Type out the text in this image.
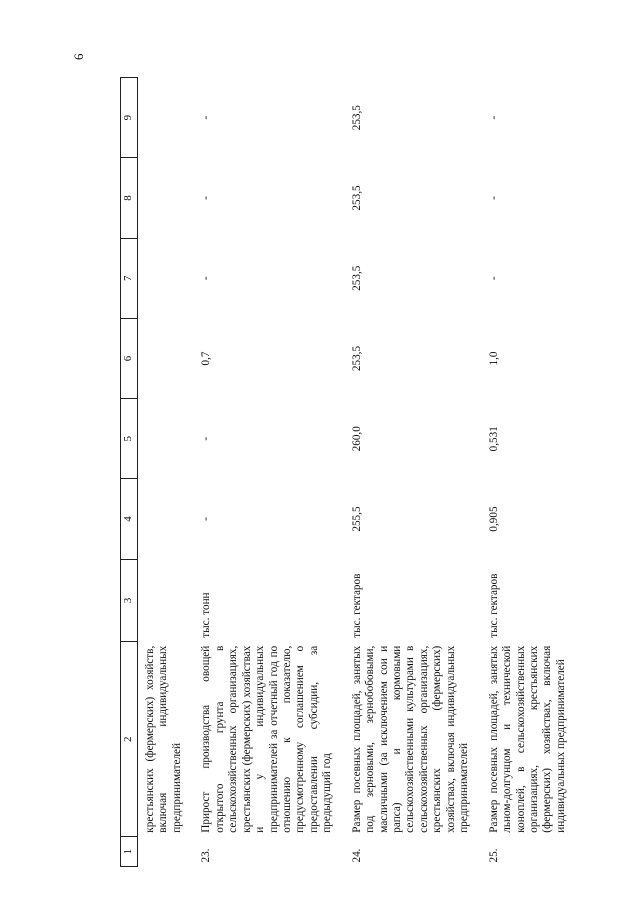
6
1	2	3	4	5	6	7	8	9
	крестьянских (фермерских) хозяйств, включая индивидуальных предпринимателей							

23.	Прирост производства овощей открытого грунта в сельскохозяйственных организациях, крестьянских (фермерских) хозяйствах и у индивидуальных предпринимателей за отчетный год по отношению к показателю, предусмотренному соглашением о предоставлении субсидии, за предыдущий год	тыс. тонн	-	-	0,7	-	-	-

24.	Размер посевных площадей, занятых под зерновыми, зернобобовыми, масличными (за исключением сои и рапса) и кормовыми сельскохозяйственными культурами в сельскохозяйственных организациях, крестьянских (фермерских) хозяйствах, включая индивидуальных предпринимателей	тыс. гектаров	255,5	260,0	253,5	253,5	253,5	253,5

25.	Размер посевных площадей, занятых льном-долгунцом и технической коноплей, в сельскохозяйственных организациях, крестьянских (фермерских) хозяйствах, включая индивидуальных предпринимателей	тыс. гектаров	0,905	0,531	1,0	-	-	-
